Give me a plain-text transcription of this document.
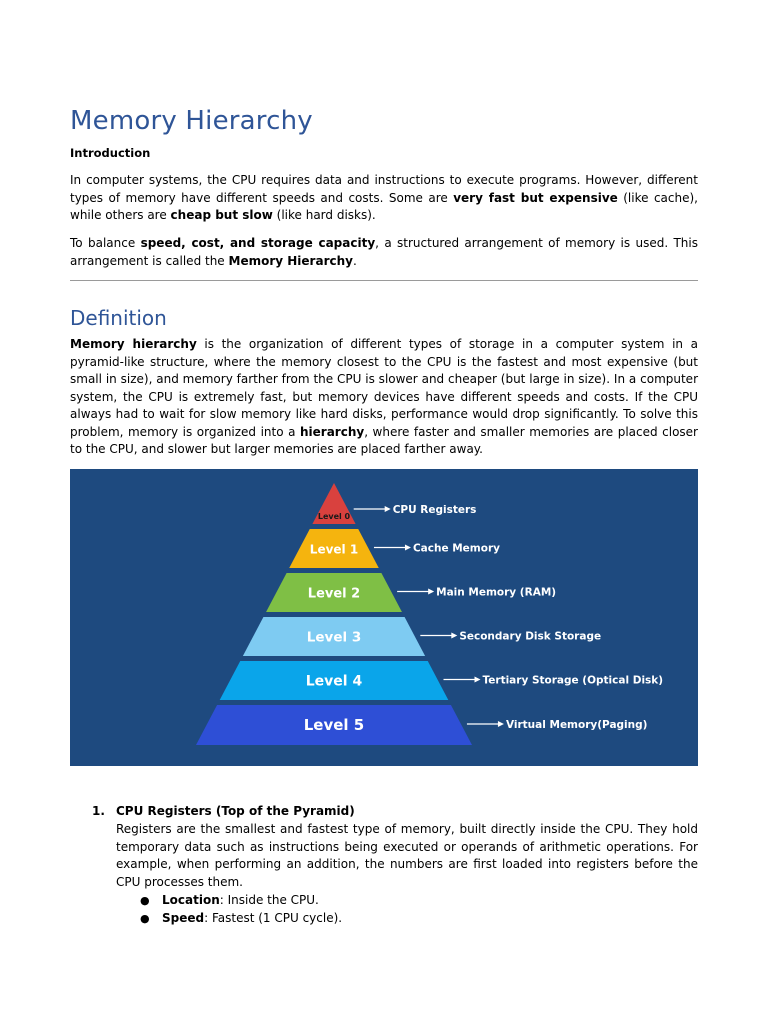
Memory Hierarchy
Introduction

In computer systems, the CPU requires data and instructions to execute programs. However, different types of memory have different speeds and costs. Some are very fast but expensive (like cache), while others are cheap but slow (like hard disks).

To balance speed, cost, and storage capacity, a structured arrangement of memory is used. This arrangement is called the Memory Hierarchy.

Definition

Memory hierarchy is the organization of different types of storage in a computer system in a pyramid-like structure, where the memory closest to the CPU is the fastest and most expensive (but small in size), and memory farther from the CPU is slower and cheaper (but large in size). In a computer system, the CPU is extremely fast, but memory devices have different speeds and costs. If the CPU always had to wait for slow memory like hard disks, performance would drop significantly. To solve this problem, memory is organized into a hierarchy, where faster and smaller memories are placed closer to the CPU, and slower but larger memories are placed farther away.

Level 0
CPU Registers
Level 1	Cache Memory
Level 2	Main Memory (RAM)
Level 3	Secondary Disk Storage
Level 4	Tertiary Storage (Optical Disk)
Level 5	Virtual Memory(Paging)
1. CPU Registers (Top of the Pyramid)
Registers are the smallest and fastest type of memory, built directly inside the CPU. They hold temporary data such as instructions being executed or operands of arithmetic operations. For example, when performing an addition, the numbers are first loaded into registers before the CPU processes them.
● Location: Inside the CPU.
● Speed: Fastest (1 CPU cycle).
